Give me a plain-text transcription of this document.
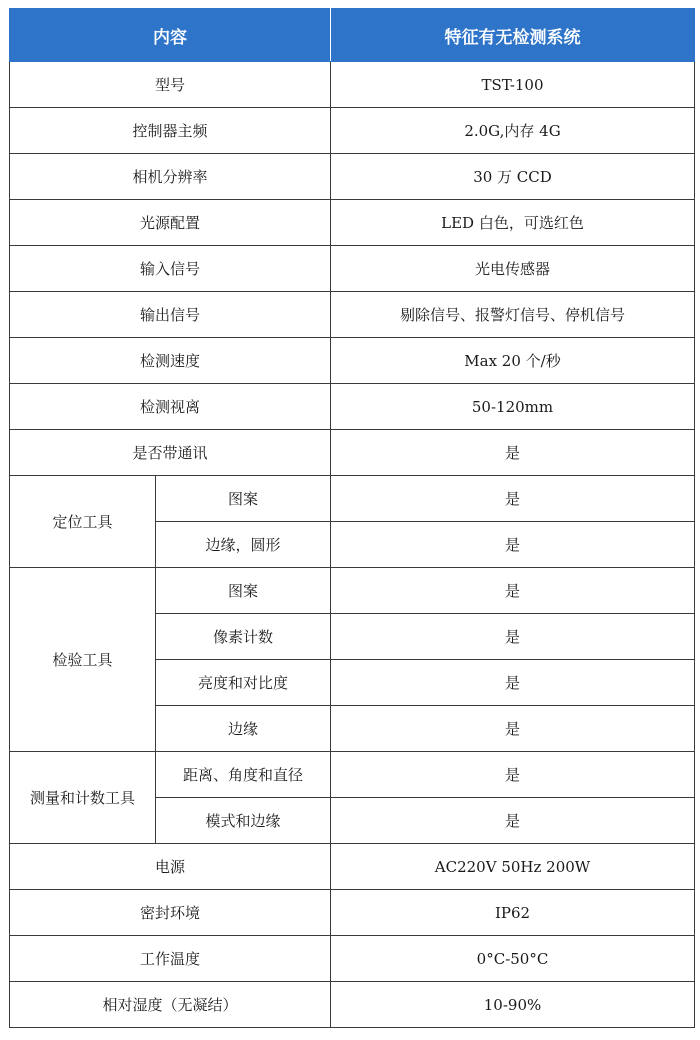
内容		特征有无检测系统
型号		TST-100
控制器主频		2.0G,内存 4G
相机分辨率		30 万 CCD
光源配置		LED 白色，可选红色
输入信号		光电传感器
输出信号		剔除信号、报警灯信号、停机信号
检测速度		Max 20 个/秒
检测视离		50-120mm
是否带通讯		是
定位工具	图案	是
	边缘，圆形	是
检验工具	图案	是
	像素计数	是
	亮度和对比度	是
	边缘	是
测量和计数工具	距离、角度和直径	是
	模式和边缘	是
电源		AC220V 50Hz 200W
密封环境		IP62
工作温度		0°C-50°C
相对湿度（无凝结）		10-90%
